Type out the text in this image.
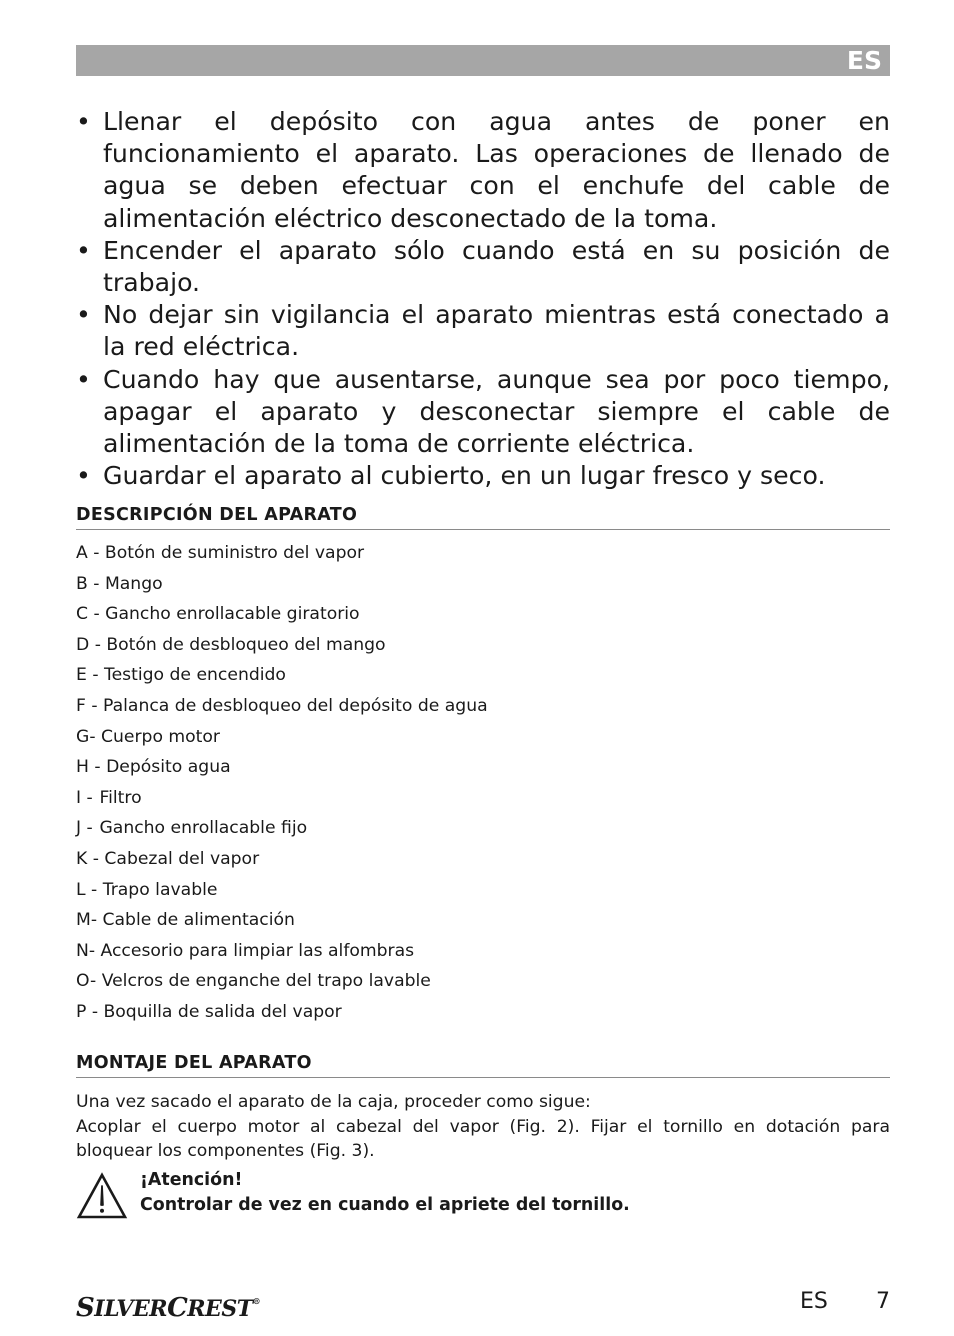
ES
• Llenar el depósito con agua antes de poner en funcionamiento el aparato. Las operaciones de llenado de agua se deben efectuar con el enchufe del cable de alimentación eléctrico desconectado de la toma.
• Encender el aparato sólo cuando está en su posición de trabajo.
• No dejar sin vigilancia el aparato mientras está conectado a la red eléctrica.
• Cuando hay que ausentarse, aunque sea por poco tiempo, apagar el aparato y desconectar siempre el cable de alimentación de la toma de corriente eléctrica.
• Guardar el aparato al cubierto, en un lugar fresco y seco.
DESCRIPCIÓN DEL APARATO
A - Botón de suministro del vapor
B - Mango
C - Gancho enrollacable giratorio
D - Botón de desbloqueo del mango
E - Testigo de encendido
F - Palanca de desbloqueo del depósito de agua
G- Cuerpo motor
H - Depósito agua
I - Filtro
J - Gancho enrollacable fijo
K - Cabezal del vapor
L - Trapo lavable
M- Cable de alimentación
N- Accesorio para limpiar las alfombras
O- Velcros de enganche del trapo lavable
P - Boquilla de salida del vapor
MONTAJE DEL APARATO

Una vez sacado el aparato de la caja, proceder como sigue:

Acoplar el cuerpo motor al cabezal del vapor (Fig. 2). Fijar el tornillo en dotación para bloquear los componentes (Fig. 3).

¡Atención!
Controlar de vez en cuando el apriete del tornillo.
SILVERCREST®	ES 7
